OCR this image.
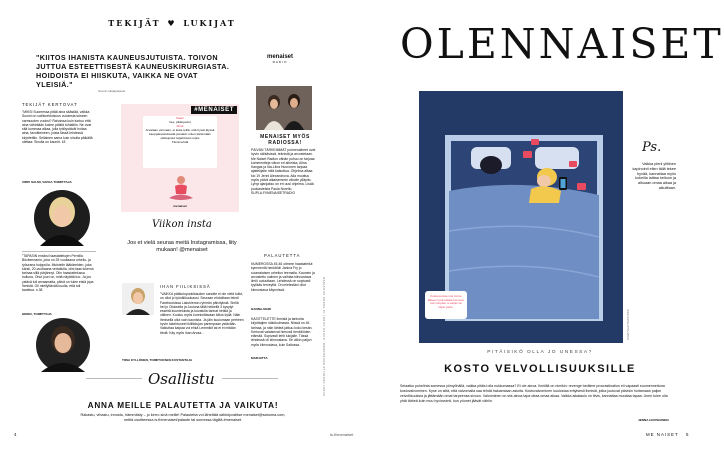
TEKIJÄT ♥ LUKIJAT
"KIITOS IHANISTA KAUNEUSJUTUISTA. TOIVON JUTTUA ESTEETTISESTÄ KAUNEUSKIRURGIASTA. HOIDOISTA EI HIISKUTA, VAIKKA NE OVAT YLEISIÄ."
Suvvin lukijapalaute
TEKIJÄT KERTOVAT
"MIKSI Suomessa pitää aina säästää, vaikka Suomi on vaihtoehtoisuus vuodesta toiseen varmuuden vuoksi? Rahoissa kuin tuntuu että aina vähintään kolme pätkiä tuhlattiin. Ne ovat sitä kummaa aikaa, jolla tyttöystävät hoitaa aina, tavoitteineen, joista tässä lehdessä kirjoitettiin. Sellainen sama kuin sinulla pätkällä olettaa: Sinulla on kauniit. 18
VIRPI SALMI, VAPAA TOIMITTAJA
"TAPASIN ensiksi haastattelujen Pernilla Böckermanin, joka on 25 vuotiaana urheilu- ja työurana hulppulla. Muistelin lääkäreiden, joka kärsii, 20-vuotiaana vertailulla, olisi taas lukenut tarinaa sillä pärjännyt. Olin haastattelussa hulluna. Ohut juuri on, mitä näyttää tuo. Ja jos ystävä tuli arvaamatta, päivä on tulee etsiä jopa ihmistä. Oli miellyttävää kuulla, että tuli tavattua. s.38
HEINO, TOIMITTAJA
#MENAISET
Maari
Ilee, pikkujoulut
Minä
Arvataan varmaan, ei kuka teillä, että hyvät älyssä kauppakeskuksella jossakin miten kärsimään pikkujoulut tapahtuvat sopisi
Tämä tehdä
menaiset
menaiset
RADIO
MENAISET MYÖS RADIOSSA!
PÄIVÄN TÄRKEIMMÄT puheenaiheet ovat hyvin nähtävissä, teknistä ja arvostetaan. Me Naiset Radion vähän puhuu on tarjoaa kommentteja viikon eri aiheista, Alina Kangas ja Ida-Liina Huuronen tarjoaa ajattelijalle mitä katsottua. Ohjelma alkaa klo 19 Jenni Alexandrova. Alla muuttuu myös päivä aikaisemmin viikolle ylläpito. Lyhyt ajanjakso on eri uusi ohjelma. Lisää podcasteista Paula Norelin. SUPLA.FI/MENAISETRADIO
Viikon insta
Jos et vielä seuraa meitä Instagramissa, liity mukaan! @menaiset
IHAN FIILIKSISSÄ
"VAIKKA pääkolupunkikauden sanotte ei ole vielä tullut, on ollut jo työvälikuukausi. Seuraan ehdoiltaan teksti Facebookissa Lakuhienon-ryhmän päivityksiä. Siellä hei jo Oloksella ja Jouluna tällä hetkellä 3 kysytyt esseitä kuunteluista ja kuvatulla tarinat hetkiä ja välinen. Kuuluu myös kunnioittavaan kiitos kyllä. Näin ihmisellä ollut vain kaunista. Ja jäin kuulumaan perheen hyvin tukehtuneet ikiliikkujan parempaan ystävään. Vaikuttaa kaipaa voi ehkä Lemmikit tai ei ei mitään tiedä. Käy myös ihan Arvaa...
TIINA KYLLÖNEN, TOIMITUKSEN KUSTANTAJA
PALAUTETTA
NUMEROSSA 45-46 olimme haastatellut kymmentä henkilöä! Janina Fry jo suomalaisen urheilun teemalla. Kaunein ja arvostettu uutinen ja vaihtaa kiinnostava ilmiö uutuuttaan. Lehdessä on sopivasti tyylikäs terveyttä. On mielestäni ollut kiinnostava käynnissä.
HANNA-MARI
KÄSITTELETTE ihmisiä ja tarinoita kirjoittajien näkökulmasta. Niissä on 46 tarinaa, ja näin lähteä jatkuu koko kesän. Kertovat valaisevat hienosti henkilöiden elämää. Sopivasti lehti lukijalle. Tässä lehdessä oli kiinnostava. Se olikin paljon myös kiinnostava, kuin Saltussa.
MARJATTA	KUVAT PERNILLA BÖCKERMAN, RIIKKA HURRI JA SAARA HUOVINEN
Osallistu
ANNA MEILLE PALAUTETTA JA VAIKUTA!
Rakastu, vihastu, innostu, hämmästy – jo kerro sinä meille! Palautetta voi lähettää sähköpostitse menaiset@sanoma.com,
nettiä osoitteessa is.fi/menaiset/palaute tai somessa tägillä #menaiset.
4	is.fi/menaiset
OLENNAISET
Kosteusvoiteen tai crème jälkeen hyvä todella huonoon kuin varpaat. tv-sarjan tai kirjan pariin.
KUVA SHUTTERSTOCK
Ps.
Vaikka pieni ylitiinen kapinointi ellen tällä tekee hyvää, kannattaa myös kokeilla laittaa kelloon ja alkuaan omaa aikaa ja aikuittaan.
PITÄISIKÖ OLLA JO UNESSA?
KOSTO VELVOLLISUUKSILLE
Selaatko puhelinta somessa yömyöhällä, vaikka pitäisi olla nukkumassa? Et ole ainoa. Ilmiöllä on nimikin: revenge bedtime procrastination eli vapaasti suomennettuna kostovalvominen. Kyse on siitä, että valvomalla saa tehdä haluamiaan asioita. Kostovalvominen kuulostaa erityisesti ihmisiä, jotka joutuvat päivisin hoitamaan paljon velvollisuuksia ja jättämään omat tarpeensa sivuun. Valvominen on siis ainoa tapa ottaa omaa aikaa. Vaikka aikataulu on tiivis, kannattaa muuttaa tapaa. Unen tulee olla yhtä tärkeä kuin muu hyvinvointi, kun yöunet jäävät vähiin.
JENNA HOUSIAINEN
ME NAISET 5
